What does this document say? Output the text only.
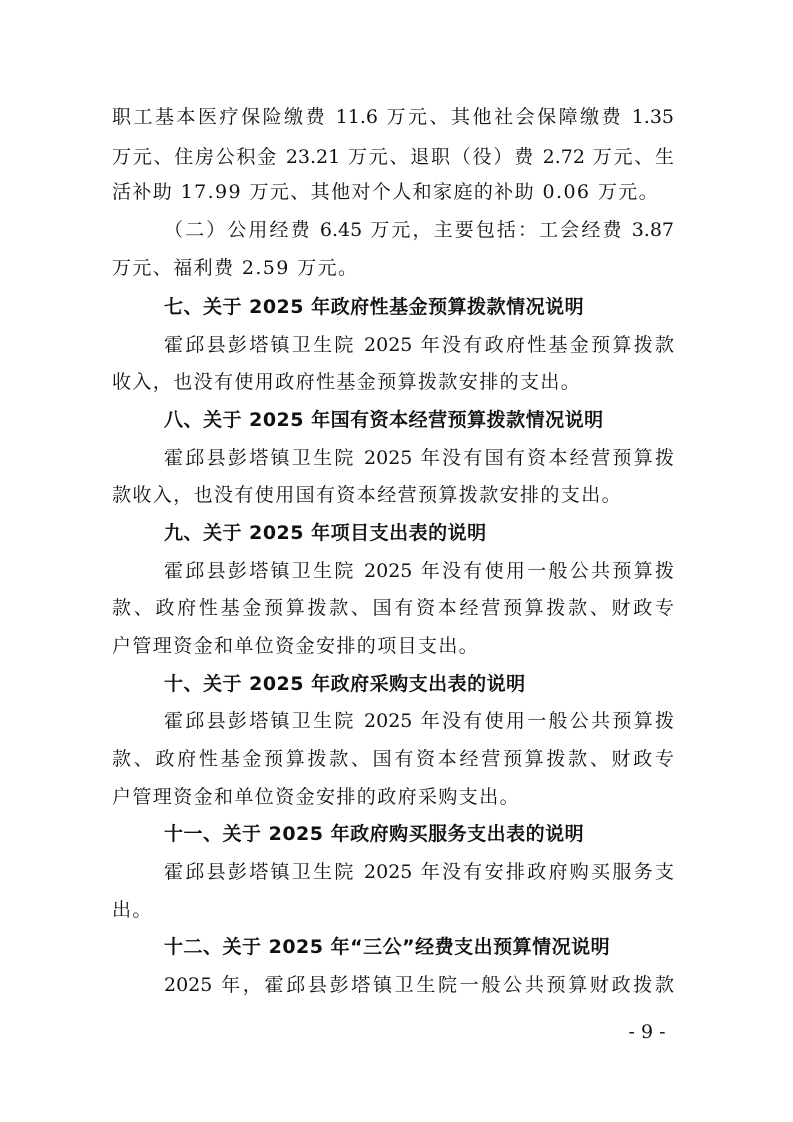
职工基本医疗保险缴费 11.6 万元、其他社会保障缴费 1.35
万元、住房公积金 23.21 万元、退职（役）费 2.72 万元、生
活补助 17.99 万元、其他对个人和家庭的补助 0.06 万元。
（二）公用经费 6.45 万元，主要包括：工会经费 3.87
万元、福利费 2.59 万元。
七、关于 2025 年政府性基金预算拨款情况说明
霍邱县彭塔镇卫生院 2025 年没有政府性基金预算拨款
收入，也没有使用政府性基金预算拨款安排的支出。
八、关于 2025 年国有资本经营预算拨款情况说明
霍邱县彭塔镇卫生院 2025 年没有国有资本经营预算拨
款收入，也没有使用国有资本经营预算拨款安排的支出。
九、关于 2025 年项目支出表的说明
霍邱县彭塔镇卫生院 2025 年没有使用一般公共预算拨
款、政府性基金预算拨款、国有资本经营预算拨款、财政专
户管理资金和单位资金安排的项目支出。
十、关于 2025 年政府采购支出表的说明
霍邱县彭塔镇卫生院 2025 年没有使用一般公共预算拨
款、政府性基金预算拨款、国有资本经营预算拨款、财政专
户管理资金和单位资金安排的政府采购支出。
十一、关于 2025 年政府购买服务支出表的说明
霍邱县彭塔镇卫生院 2025 年没有安排政府购买服务支
出。
十二、关于 2025 年“三公”经费支出预算情况说明
2025 年，霍邱县彭塔镇卫生院一般公共预算财政拨款
- 9 -
